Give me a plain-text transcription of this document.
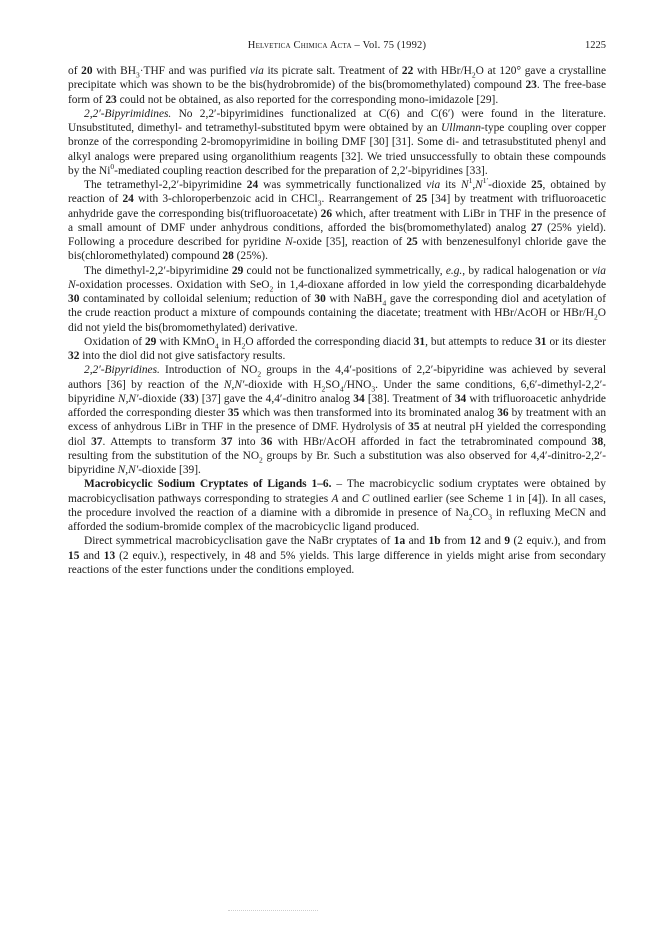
Helvetica Chimica Acta – Vol. 75 (1992)	1225

of 20 with $BH_3\cdot THF$ and was purified via its picrate salt. Treatment of 22 with HBr/$H_2O$ at 120° gave a crystalline precipitate which was shown to be the bis(hydrobromide) of the bis(bromomethylated) compound 23. The free-base form of 23 could not be obtained, as also reported for the corresponding mono-imidazole [29].

2,2′-Bipyrimidines. No 2,2′-bipyrimidines functionalized at C(6) and C(6′) were found in the literature. Unsubstituted, dimethyl- and tetramethyl-substituted bpym were obtained by an Ullmann-type coupling over copper bronze of the corresponding 2-bromopyrimidine in boiling DMF [30] [31]. Some di- and tetrasubstituted phenyl and alkyl analogs were prepared using organolithium reagents [32]. We tried unsuccessfully to obtain these compounds by the Ni$^0$-mediated coupling reaction described for the preparation of 2,2′-bipyridines [33].

The tetramethyl-2,2′-bipyrimidine 24 was symmetrically functionalized via its $N^1,N^{1'}$-dioxide 25, obtained by reaction of 24 with 3-chloroperbenzoic acid in CHCl$_3$. Rearrangement of 25 [34] by treatment with trifluoroacetic anhydride gave the corresponding bis(trifluoroacetate) 26 which, after treatment with LiBr in THF in the presence of a small amount of DMF under anhydrous conditions, afforded the bis(bromomethylated) analog 27 (25% yield). Following a procedure described for pyridine N-oxide [35], reaction of 25 with benzenesulfonyl chloride gave the bis(chloromethylated) compound 28 (25%).

The dimethyl-2,2′-bipyrimidine 29 could not be functionalized symmetrically, e.g., by radical halogenation or via N-oxidation processes. Oxidation with SeO$_2$ in 1,4-dioxane afforded in low yield the corresponding dicarbaldehyde 30 contaminated by colloidal selenium; reduction of 30 with NaBH$_4$ gave the corresponding diol and acetylation of the crude reaction product a mixture of compounds containing the diacetate; treatment with HBr/AcOH or HBr/$H_2O$ did not yield the bis(bromomethylated) derivative.

Oxidation of 29 with KMnO$_4$ in $H_2O$ afforded the corresponding diacid 31, but attempts to reduce 31 or its diester 32 into the diol did not give satisfactory results.

2,2′-Bipyridines. Introduction of $NO_2$ groups in the 4,4′-positions of 2,2′-bipyridine was achieved by several authors [36] by reaction of the N,N′-dioxide with $H_2SO_4/HNO_3$. Under the same conditions, 6,6′-dimethyl-2,2′-bipyridine N,N′-dioxide (33) [37] gave the 4,4′-dinitro analog 34 [38]. Treatment of 34 with trifluoroacetic anhydride afforded the corresponding diester 35 which was then transformed into its brominated analog 36 by treatment with an excess of anhydrous LiBr in THF in the presence of DMF. Hydrolysis of 35 at neutral pH yielded the corresponding diol 37. Attempts to transform 37 into 36 with HBr/AcOH afforded in fact the tetrabrominated compound 38, resulting from the substitution of the $NO_2$ groups by Br. Such a substitution was also observed for 4,4′-dinitro-2,2′-bipyridine N,N′-dioxide [39].

Macrobicyclic Sodium Cryptates of Ligands 1–6. – The macrobicyclic sodium cryptates were obtained by macrobicyclisation pathways corresponding to strategies A and C outlined earlier (see Scheme 1 in [4]). In all cases, the procedure involved the reaction of a diamine with a dibromide in presence of $Na_2CO_3$ in refluxing MeCN and afforded the sodium-bromide complex of the macrobicyclic ligand produced.

Direct symmetrical macrobicyclisation gave the NaBr cryptates of 1a and 1b from 12 and 9 (2 equiv.), and from 15 and 13 (2 equiv.), respectively, in 48 and 5% yields. This large difference in yields might arise from secondary reactions of the ester functions under the conditions employed.
